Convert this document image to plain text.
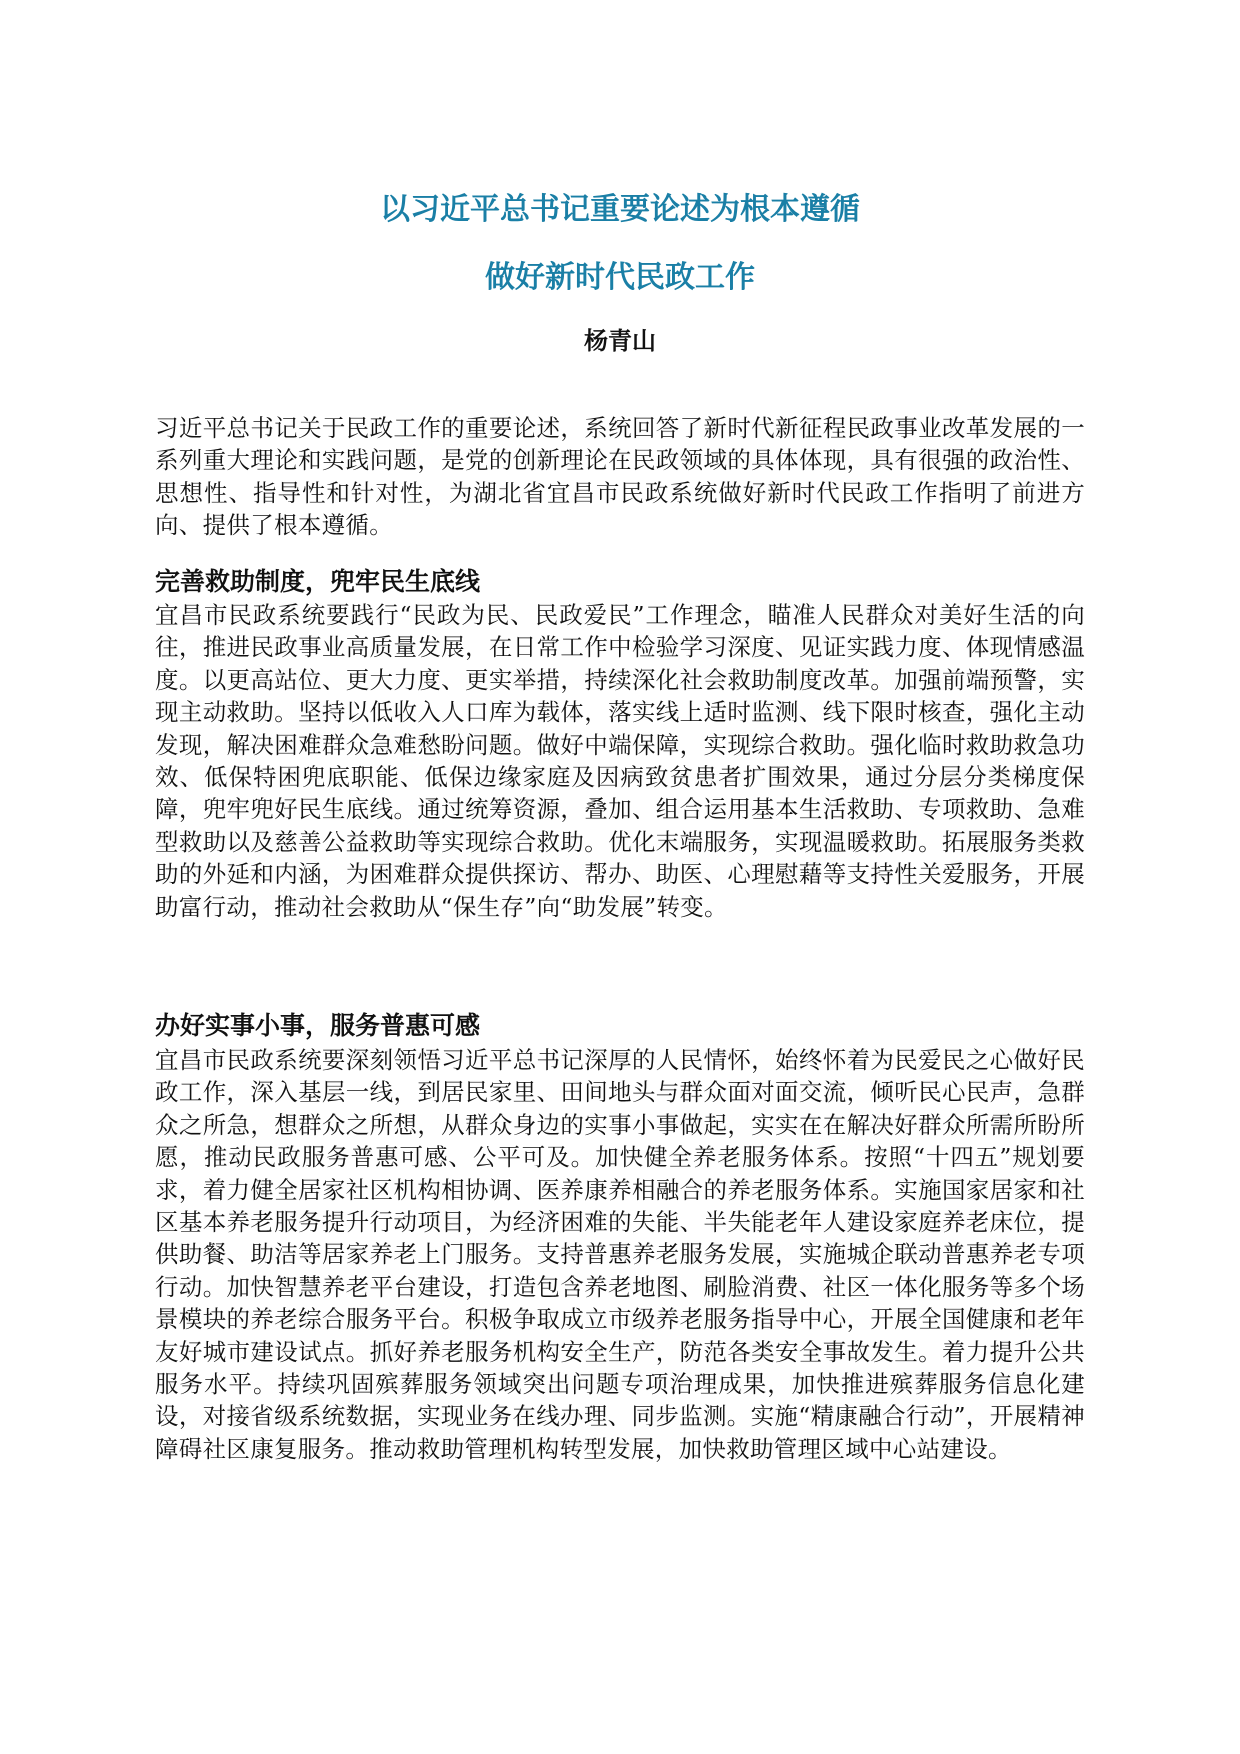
以习近平总书记重要论述为根本遵循
做好新时代民政工作

杨青山

习近平总书记关于民政工作的重要论述，系统回答了新时代新征程民政事业改革发展的一系列重大理论和实践问题，是党的创新理论在民政领域的具体体现，具有很强的政治性、思想性、指导性和针对性，为湖北省宜昌市民政系统做好新时代民政工作指明了前进方向、提供了根本遵循。

完善救助制度，兜牢民生底线

宜昌市民政系统要践行“民政为民、民政爱民”工作理念，瞄准人民群众对美好生活的向往，推进民政事业高质量发展，在日常工作中检验学习深度、见证实践力度、体现情感温度。以更高站位、更大力度、更实举措，持续深化社会救助制度改革。加强前端预警，实现主动救助。坚持以低收入人口库为载体，落实线上适时监测、线下限时核查，强化主动发现，解决困难群众急难愁盼问题。做好中端保障，实现综合救助。强化临时救助救急功效、低保特困兜底职能、低保边缘家庭及因病致贫患者扩围效果，通过分层分类梯度保障，兜牢兜好民生底线。通过统筹资源，叠加、组合运用基本生活救助、专项救助、急难型救助以及慈善公益救助等实现综合救助。优化末端服务，实现温暖救助。拓展服务类救助的外延和内涵，为困难群众提供探访、帮办、助医、心理慰藉等支持性关爱服务，开展助富行动，推动社会救助从“保生存”向“助发展”转变。

办好实事小事，服务普惠可感

宜昌市民政系统要深刻领悟习近平总书记深厚的人民情怀，始终怀着为民爱民之心做好民政工作，深入基层一线，到居民家里、田间地头与群众面对面交流，倾听民心民声，急群众之所急，想群众之所想，从群众身边的实事小事做起，实实在在解决好群众所需所盼所愿，推动民政服务普惠可感、公平可及。加快健全养老服务体系。按照“十四五”规划要求，着力健全居家社区机构相协调、医养康养相融合的养老服务体系。实施国家居家和社区基本养老服务提升行动项目，为经济困难的失能、半失能老年人建设家庭养老床位，提供助餐、助洁等居家养老上门服务。支持普惠养老服务发展，实施城企联动普惠养老专项行动。加快智慧养老平台建设，打造包含养老地图、刷脸消费、社区一体化服务等多个场景模块的养老综合服务平台。积极争取成立市级养老服务指导中心，开展全国健康和老年友好城市建设试点。抓好养老服务机构安全生产，防范各类安全事故发生。着力提升公共服务水平。持续巩固殡葬服务领域突出问题专项治理成果，加快推进殡葬服务信息化建设，对接省级系统数据，实现业务在线办理、同步监测。实施“精康融合行动”，开展精神障碍社区康复服务。推动救助管理机构转型发展，加快救助管理区域中心站建设。
